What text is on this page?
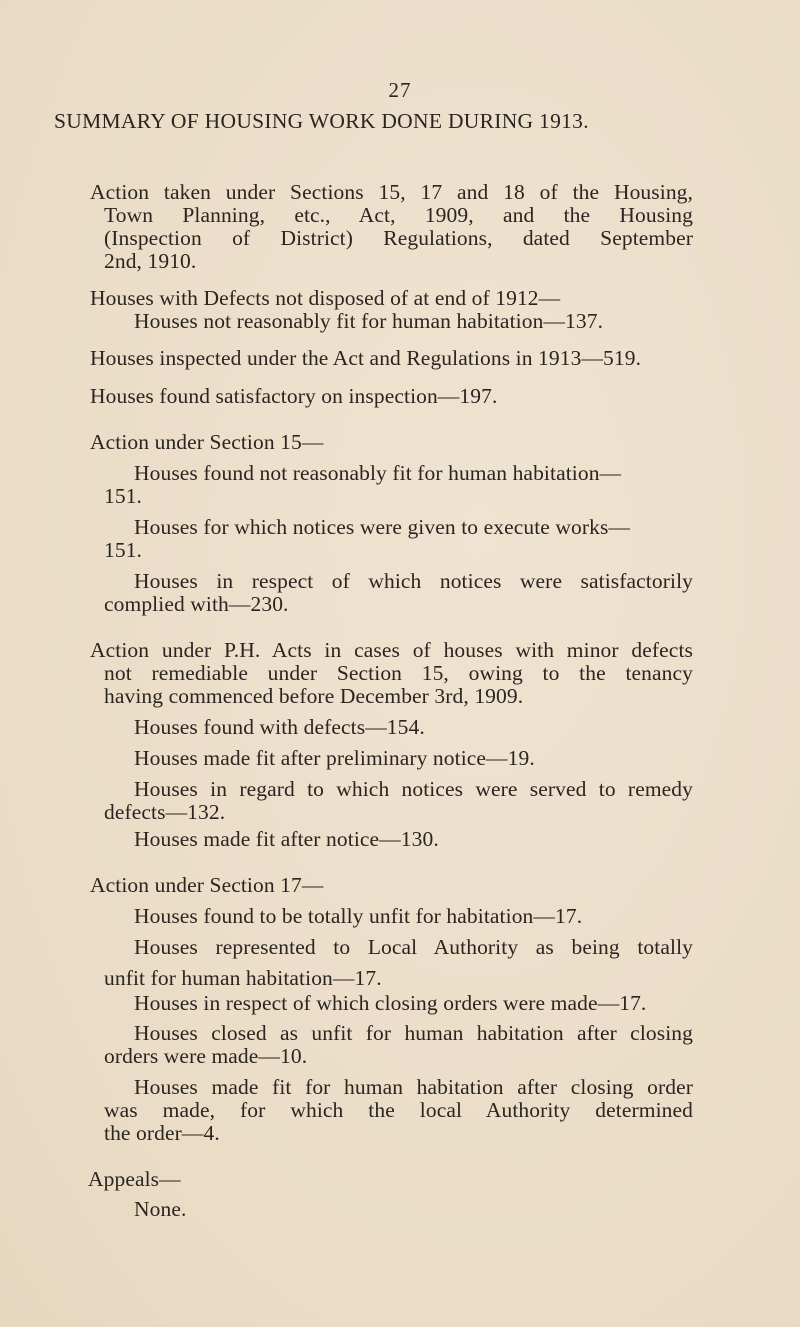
27
SUMMARY OF HOUSING WORK DONE DURING 1913.
Action taken under Sections 15, 17 and 18 of the Housing,
Town Planning, etc., Act, 1909, and the Housing
(Inspection of District) Regulations, dated September
2nd, 1910.
Houses with Defects not disposed of at end of 1912—
Houses not reasonably fit for human habitation—137.
Houses inspected under the Act and Regulations in 1913—519.
Houses found satisfactory on inspection—197.
Action under Section 15—
Houses found not reasonably fit for human habitation—
151.
Houses for which notices were given to execute works—
151.
Houses in respect of which notices were satisfactorily
complied with—230.
Action under P.H. Acts in cases of houses with minor defects
not remediable under Section 15, owing to the tenancy
having commenced before December 3rd, 1909.
Houses found with defects—154.
Houses made fit after preliminary notice—19.
Houses in regard to which notices were served to remedy
defects—132.
Houses made fit after notice—130.
Action under Section 17—
Houses found to be totally unfit for habitation—17.
Houses represented to Local Authority as being totally
unfit for human habitation—17.
Houses in respect of which closing orders were made—17.
Houses closed as unfit for human habitation after closing
orders were made—10.
Houses made fit for human habitation after closing order
was made, for which the local Authority determined
the order—4.
Appeals—
None.
